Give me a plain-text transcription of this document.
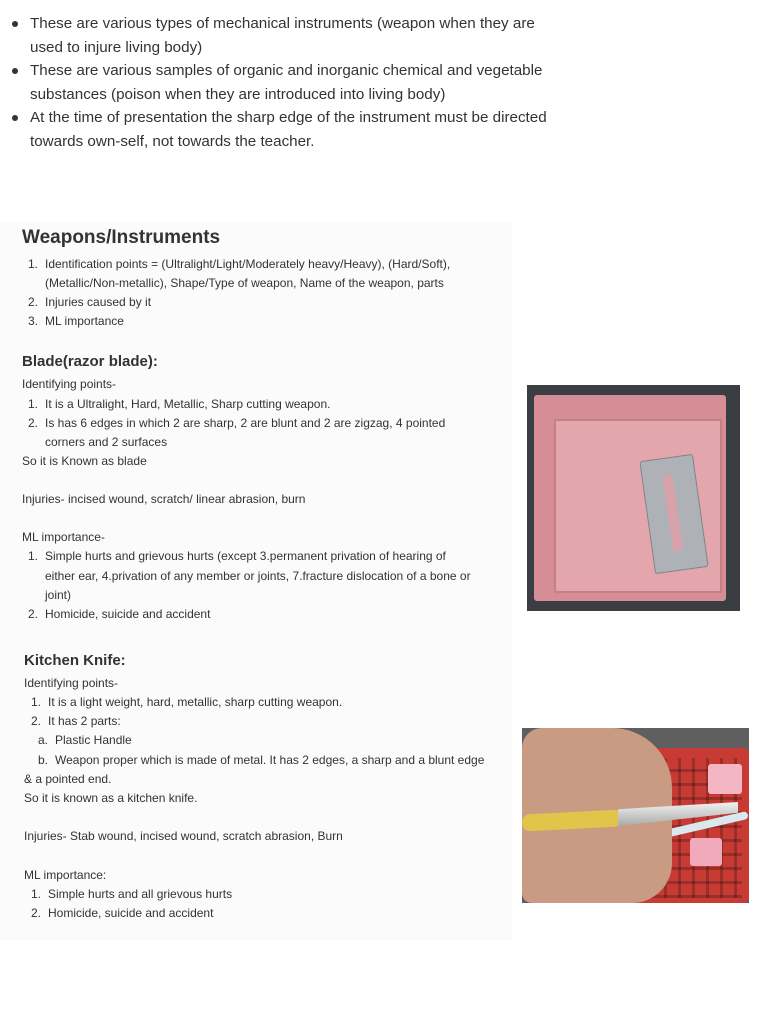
These are various types of mechanical instruments (weapon when they are used to injure living body)
These are various samples of organic and inorganic chemical and vegetable substances (poison when they are introduced into living body)
At the time of presentation the sharp edge of the instrument must be directed towards own-self, not towards the teacher.
Weapons/Instruments
1. Identification points = (Ultralight/Light/Moderately heavy/Heavy), (Hard/Soft),
(Metallic/Non-metallic), Shape/Type of weapon, Name of the weapon, parts
2. Injuries caused by it
3. ML importance
Blade(razor blade):
Identifying points-
1. It is a Ultralight, Hard, Metallic, Sharp cutting weapon.
2. Is has 6 edges in which 2 are sharp, 2 are blunt and 2 are zigzag, 4 pointed
corners and 2 surfaces
So it is Known as blade
Injuries- incised wound, scratch/ linear abrasion, burn
ML importance-
1. Simple hurts and grievous hurts (except 3.permanent privation of hearing of
either ear, 4.privation of any member or joints, 7.fracture dislocation of a bone or
joint)
2. Homicide, suicide and accident
Kitchen Knife:
Identifying points-
1. It is a light weight, hard, metallic, sharp cutting weapon.
2. It has 2 parts:
a. Plastic Handle
b. Weapon proper which is made of metal. It has 2 edges, a sharp and a blunt edge
& a pointed end.
So it is known as a kitchen knife.
Injuries- Stab wound, incised wound, scratch abrasion, Burn
ML importance:
1. Simple hurts and all grievous hurts
2. Homicide, suicide and accident
